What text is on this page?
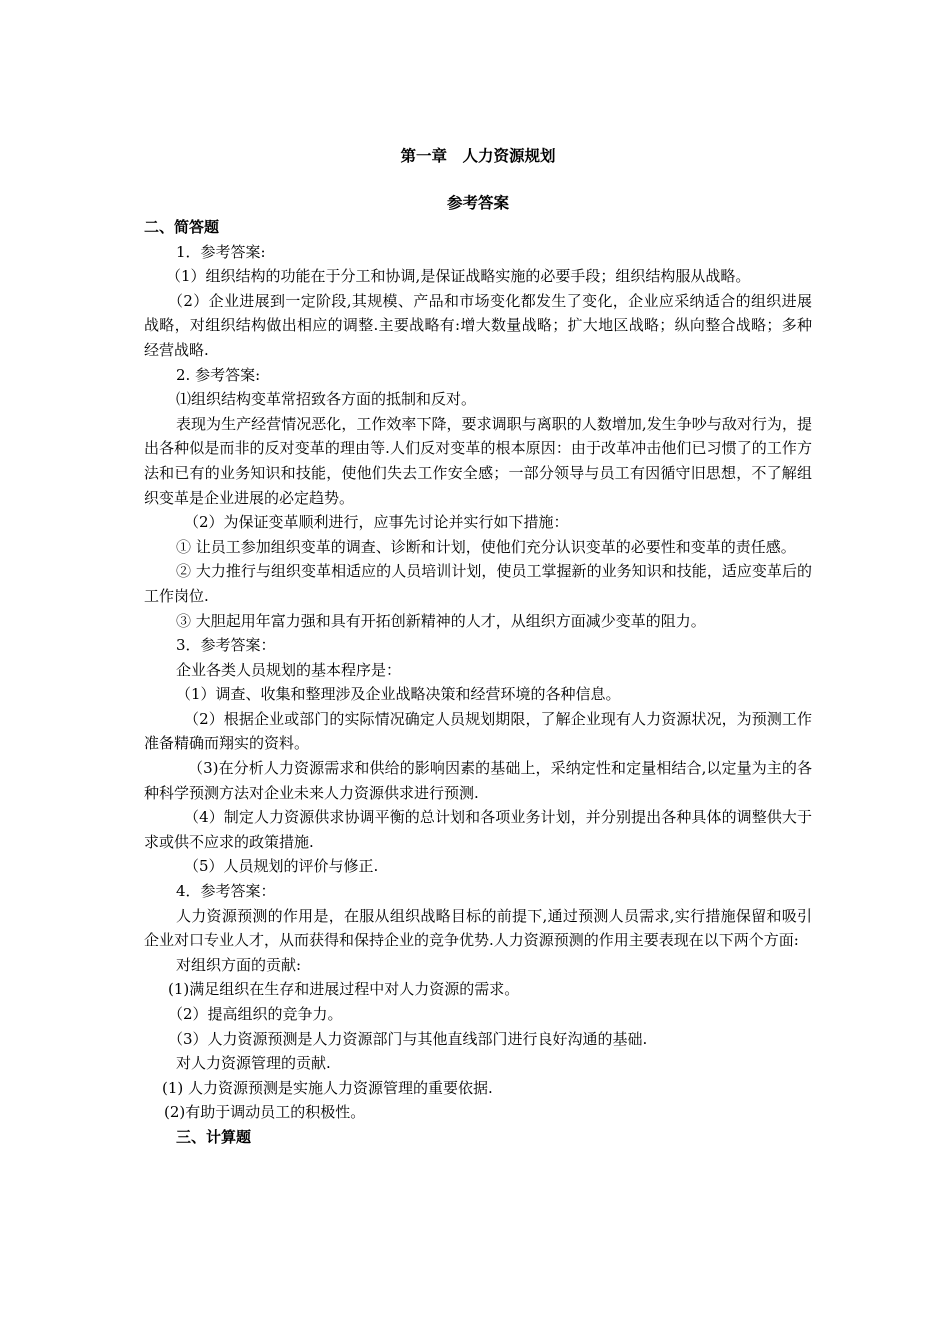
第一章　人力资源规划

参考答案

二、简答题

1．参考答案:

（1）组织结构的功能在于分工和协调,是保证战略实施的必要手段；组织结构服从战略。

（2）企业进展到一定阶段,其规模、产品和市场变化都发生了变化，企业应采纳适合的组织进展战略，对组织结构做出相应的调整.主要战略有:增大数量战略；扩大地区战略；纵向整合战略；多种经营战略.

2. 参考答案:

⑴组织结构变革常招致各方面的抵制和反对。

表现为生产经营情况恶化，工作效率下降，要求调职与离职的人数增加,发生争吵与敌对行为，提出各种似是而非的反对变革的理由等.人们反对变革的根本原因：由于改革冲击他们已习惯了的工作方法和已有的业务知识和技能，使他们失去工作安全感；一部分领导与员工有因循守旧思想，不了解组织变革是企业进展的必定趋势。

（2）为保证变革顺利进行，应事先讨论并实行如下措施：

① 让员工参加组织变革的调查、诊断和计划，使他们充分认识变革的必要性和变革的责任感。

② 大力推行与组织变革相适应的人员培训计划，使员工掌握新的业务知识和技能，适应变革后的工作岗位.

③ 大胆起用年富力强和具有开拓创新精神的人才，从组织方面减少变革的阻力。

3．参考答案：

企业各类人员规划的基本程序是：

（1）调查、收集和整理涉及企业战略决策和经营环境的各种信息。

（2）根据企业或部门的实际情况确定人员规划期限，了解企业现有人力资源状况，为预测工作准备精确而翔实的资料。

（3)在分析人力资源需求和供给的影响因素的基础上，采纳定性和定量相结合,以定量为主的各种科学预测方法对企业未来人力资源供求进行预测.

（4）制定人力资源供求协调平衡的总计划和各项业务计划，并分别提出各种具体的调整供大于求或供不应求的政策措施.

（5）人员规划的评价与修正.

4．参考答案：

人力资源预测的作用是，在服从组织战略目标的前提下,通过预测人员需求,实行措施保留和吸引企业对口专业人才，从而获得和保持企业的竞争优势.人力资源预测的作用主要表现在以下两个方面:

对组织方面的贡献:

(1)满足组织在生存和进展过程中对人力资源的需求。

（2）提高组织的竞争力。

（3）人力资源预测是人力资源部门与其他直线部门进行良好沟通的基础.

对人力资源管理的贡献.

(1) 人力资源预测是实施人力资源管理的重要依据.

(2)有助于调动员工的积极性。

三、计算题
